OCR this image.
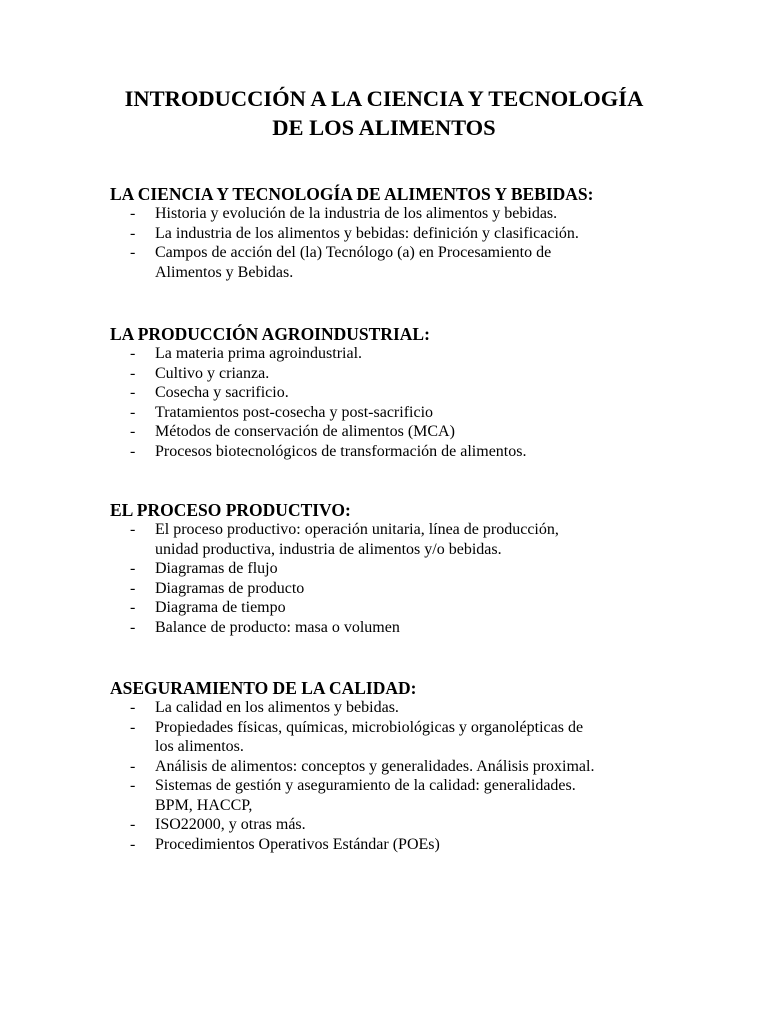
INTRODUCCIÓN A LA CIENCIA Y TECNOLOGÍA
DE LOS ALIMENTOS
LA CIENCIA Y TECNOLOGÍA DE ALIMENTOS Y BEBIDAS:
- Historia y evolución de la industria de los alimentos y bebidas.
- La industria de los alimentos y bebidas: definición y clasificación.
- Campos de acción del (la) Tecnólogo (a) en Procesamiento de
Alimentos y Bebidas.
LA PRODUCCIÓN AGROINDUSTRIAL:
- La materia prima agroindustrial.
- Cultivo y crianza.
- Cosecha y sacrificio.
- Tratamientos post-cosecha y post-sacrificio
- Métodos de conservación de alimentos (MCA)
- Procesos biotecnológicos de transformación de alimentos.
EL PROCESO PRODUCTIVO:
- El proceso productivo: operación unitaria, línea de producción,
unidad productiva, industria de alimentos y/o bebidas.
- Diagramas de flujo
- Diagramas de producto
- Diagrama de tiempo
- Balance de producto: masa o volumen
ASEGURAMIENTO DE LA CALIDAD:
- La calidad en los alimentos y bebidas.
- Propiedades físicas, químicas, microbiológicas y organolépticas de
los alimentos.
- Análisis de alimentos: conceptos y generalidades. Análisis proximal.
- Sistemas de gestión y aseguramiento de la calidad: generalidades.
BPM, HACCP,
- ISO22000, y otras más.
- Procedimientos Operativos Estándar (POEs)
